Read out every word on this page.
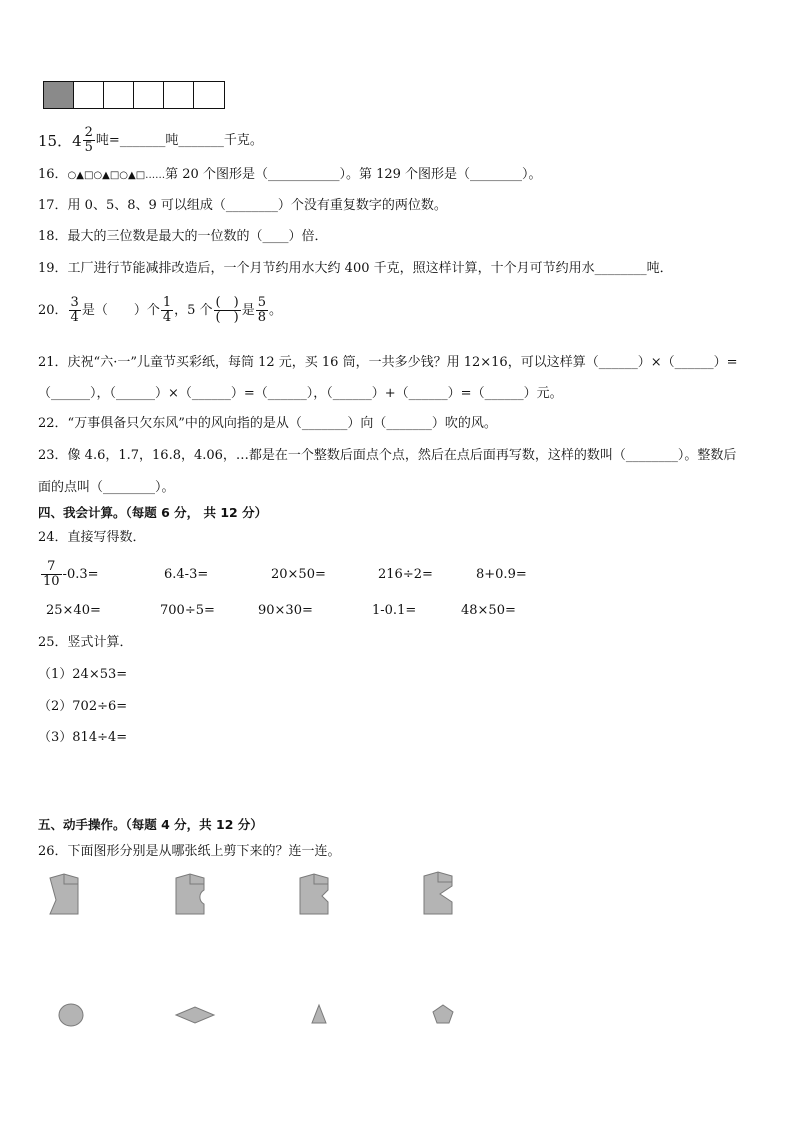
15．$4 \frac{2}{5}$ 吨=_______吨_______千克。
16．○▲□○▲□○▲□……第 20 个图形是（___________）。第 129 个图形是（________）。
17．用 0、5、8、9 可以组成（________）个没有重复数字的两位数。
18．最大的三位数是最大的一位数的（____）倍．
19．工厂进行节能减排改造后，一个月节约用水大约 400 千克，照这样计算，十个月可节约用水________吨．
20． $\frac{3}{4}$ 是（　　）个 $\frac{1}{4}$ ，5 个 $\frac{( )}{( )}$ 是 $\frac{5}{8}$ 。
21．庆祝“六·一”儿童节买彩纸，每筒 12 元，买 16 筒，一共多少钱？用 12×16，可以这样算（______）×（______）=
（______），（______）×（______）=（______），（______）+（______）=（______）元。
22．“万事俱备只欠东风”中的风向指的是从（_______）向（_______）吹的风。
23．像 4.6，1.7，16.8，4.06，…都是在一个整数后面点个点，然后在点后面再写数，这样的数叫（________）。整数后
面的点叫（________）。
四、我会计算。（每题 6 分， 共 12 分）
24．直接写得数．
$\frac{7}{10} -0.3=$	6.4-3=	20×50=	216÷2=	8+0.9=
25×40=	700÷5=	90×30=	1-0.1=	48×50=
25．竖式计算．
（1）24×53=
（2）702÷6=
（3）814÷4=
五、动手操作。（每题 4 分，共 12 分）
26．下面图形分别是从哪张纸上剪下来的？连一连。
